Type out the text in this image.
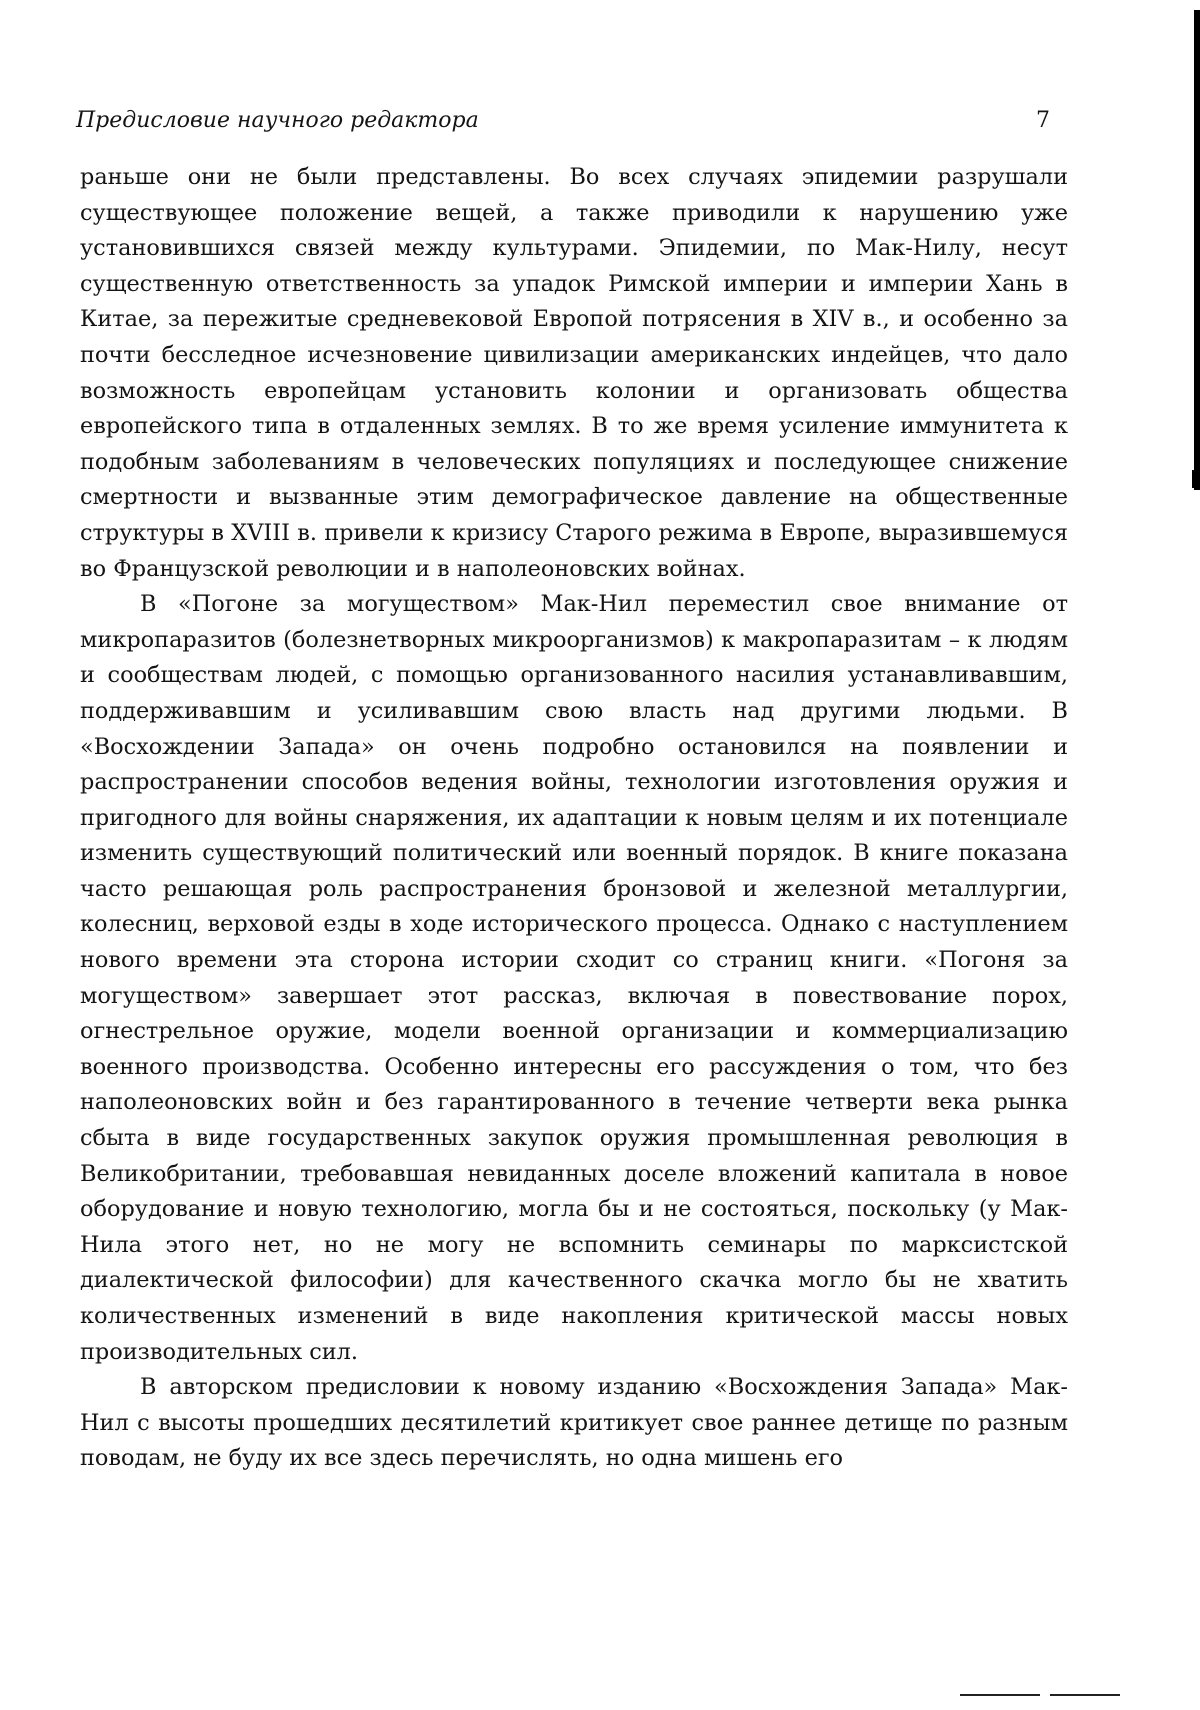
Предисловие научного редактора	7

раньше они не были представлены. Во всех случаях эпидемии разрушали существующее положение вещей, а также приводили к нарушению уже установившихся связей между культурами. Эпидемии, по Мак-Нилу, несут существенную ответственность за упадок Римской империи и империи Хань в Китае, за пережитые средневековой Европой потрясения в XIV в., и особенно за почти бесследное исчезновение цивилизации американских индейцев, что дало возможность европейцам установить колонии и организовать общества европейского типа в отдаленных землях. В то же время усиление иммунитета к подобным заболеваниям в человеческих популяциях и последующее снижение смертности и вызванные этим демографическое давление на общественные структуры в XVIII в. привели к кризису Старого режима в Европе, выразившемуся во Французской революции и в наполеоновских войнах.

В «Погоне за могуществом» Мак-Нил переместил свое внимание от микропаразитов (болезнетворных микроорганизмов) к макропаразитам – к людям и сообществам людей, с помощью организованного насилия устанавливавшим, поддерживавшим и усиливавшим свою власть над другими людьми. В «Восхождении Запада» он очень подробно остановился на появлении и распространении способов ведения войны, технологии изготовления оружия и пригодного для войны снаряжения, их адаптации к новым целям и их потенциале изменить существующий политический или военный порядок. В книге показана часто решающая роль распространения бронзовой и железной металлургии, колесниц, верховой езды в ходе исторического процесса. Однако с наступлением нового времени эта сторона истории сходит со страниц книги. «Погоня за могуществом» завершает этот рассказ, включая в повествование порох, огнестрельное оружие, модели военной организации и коммерциализацию военного производства. Особенно интересны его рассуждения о том, что без наполеоновских войн и без гарантированного в течение четверти века рынка сбыта в виде государственных закупок оружия промышленная революция в Великобритании, требовавшая невиданных доселе вложений капитала в новое оборудование и новую технологию, могла бы и не состояться, поскольку (у Мак-Нила этого нет, но не могу не вспомнить семинары по марксистской диалектической философии) для качественного скачка могло бы не хватить количественных изменений в виде накопления критической массы новых производительных сил.

В авторском предисловии к новому изданию «Восхождения Запада» Мак-Нил с высоты прошедших десятилетий критикует свое раннее детище по разным поводам, не буду их все здесь перечислять, но одна мишень его
